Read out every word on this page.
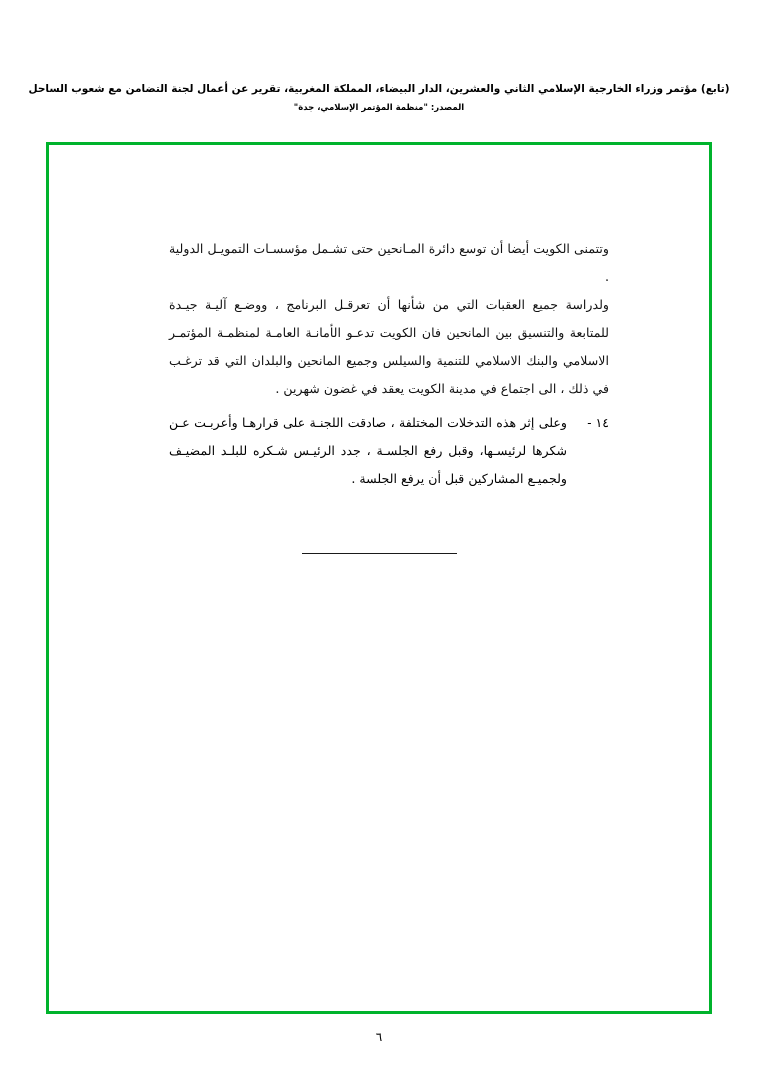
(تابع) مؤتمر وزراء الخارجية الإسلامي الثاني والعشرين، الدار البيضاء، المملكة المغربية، تقرير عن أعمال لجنة التضامن مع شعوب الساحل
المصدر: "منظمة المؤتمر الإسلامي، جدة"

وتتمنى الكويت أيضا أن توسع دائرة المـانحين حتى تشـمل مؤسسـات التمويـل الدولية .

ولدراسة جميع العقبات التي من شأنها أن تعرقـل البرنامج ، ووضـع آليـة جيـدة للمتابعة والتنسيق بين المانحين فان الكويت تدعـو الأمانـة العامـة لمنظمـة المؤتمـر الاسلامي والبنك الاسلامي للتنمية والسيلس وجميع المانحين والبلدان التي قد ترغـب في ذلك ، الى اجتماع في مدينة الكويت يعقد في غضون شهرين .

١٤ -
وعلى إثر هذه التدخلات المختلفة ، صادقت اللجنـة على قرارهـا وأعربـت عـن شكرها لرئيسـها، وقبل رفع الجلسـة ، جدد الرئيـس شـكره للبلـد المضيـف ولجميـع المشاركين قبل أن يرفع الجلسة .
٦
